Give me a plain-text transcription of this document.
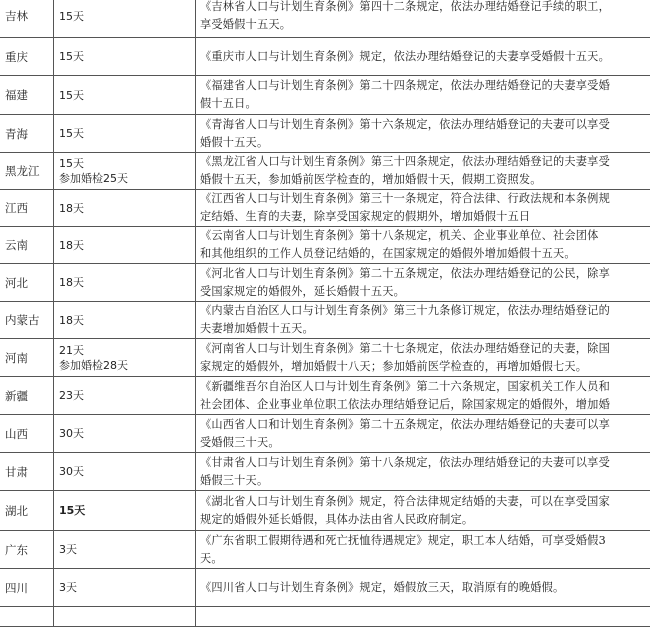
吉林	15天	《吉林省人口与计划生育条例》第四十二条规定，依法办理结婚登记手续的职工，
享受婚假十五天。

重庆	15天	《重庆市人口与计划生育条例》规定，依法办理结婚登记的夫妻享受婚假十五天。

福建	15天	《福建省人口与计划生育条例》第二十四条规定，依法办理结婚登记的夫妻享受婚
假十五日。

青海	15天	《青海省人口与计划生育条例》第十六条规定，依法办理结婚登记的夫妻可以享受
婚假十五天。

黑龙江	15天
参加婚检25天	《黑龙江省人口与计划生育条例》第三十四条规定，依法办理结婚登记的夫妻享受
婚假十五天，参加婚前医学检查的，增加婚假十天，假期工资照发。

江西	18天	《江西省人口与计划生育条例》第三十一条规定，符合法律、行政法规和本条例规
定结婚、生育的夫妻，除享受国家规定的假期外，增加婚假十五日

云南	18天	《云南省人口与计划生育条例》第十八条规定，机关、企业事业单位、社会团体
和其他组织的工作人员登记结婚的，在国家规定的婚假外增加婚假十五天。

河北	18天	《河北省人口与计划生育条例》第二十五条规定，依法办理结婚登记的公民，除享
受国家规定的婚假外，延长婚假十五天。

内蒙古	18天	《内蒙古自治区人口与计划生育条例》第三十九条修订规定，依法办理结婚登记的
夫妻增加婚假十五天。

河南	21天
参加婚检28天	《河南省人口与计划生育条例》第二十七条规定，依法办理结婚登记的夫妻，除国
家规定的婚假外，增加婚假十八天；参加婚前医学检查的，再增加婚假七天。

新疆	23天	《新疆维吾尔自治区人口与计划生育条例》第二十六条规定，国家机关工作人员和
社会团体、企业事业单位职工依法办理结婚登记后，除国家规定的婚假外，增加婚

山西	30天	《山西省人口和计划生育条例》第二十五条规定，依法办理结婚登记的夫妻可以享
受婚假三十天。

甘肃	30天	《甘肃省人口与计划生育条例》第十八条规定，依法办理结婚登记的夫妻可以享受
婚假三十天。

湖北	15天	《湖北省人口与计划生育条例》规定，符合法律规定结婚的夫妻，可以在享受国家
规定的婚假外延长婚假，具体办法由省人民政府制定。

广东	3天	《广东省职工假期待遇和死亡抚恤待遇规定》规定，职工本人结婚，可享受婚假3
天。

四川	3天	《四川省人口与计划生育条例》规定，婚假放三天，取消原有的晚婚假。
